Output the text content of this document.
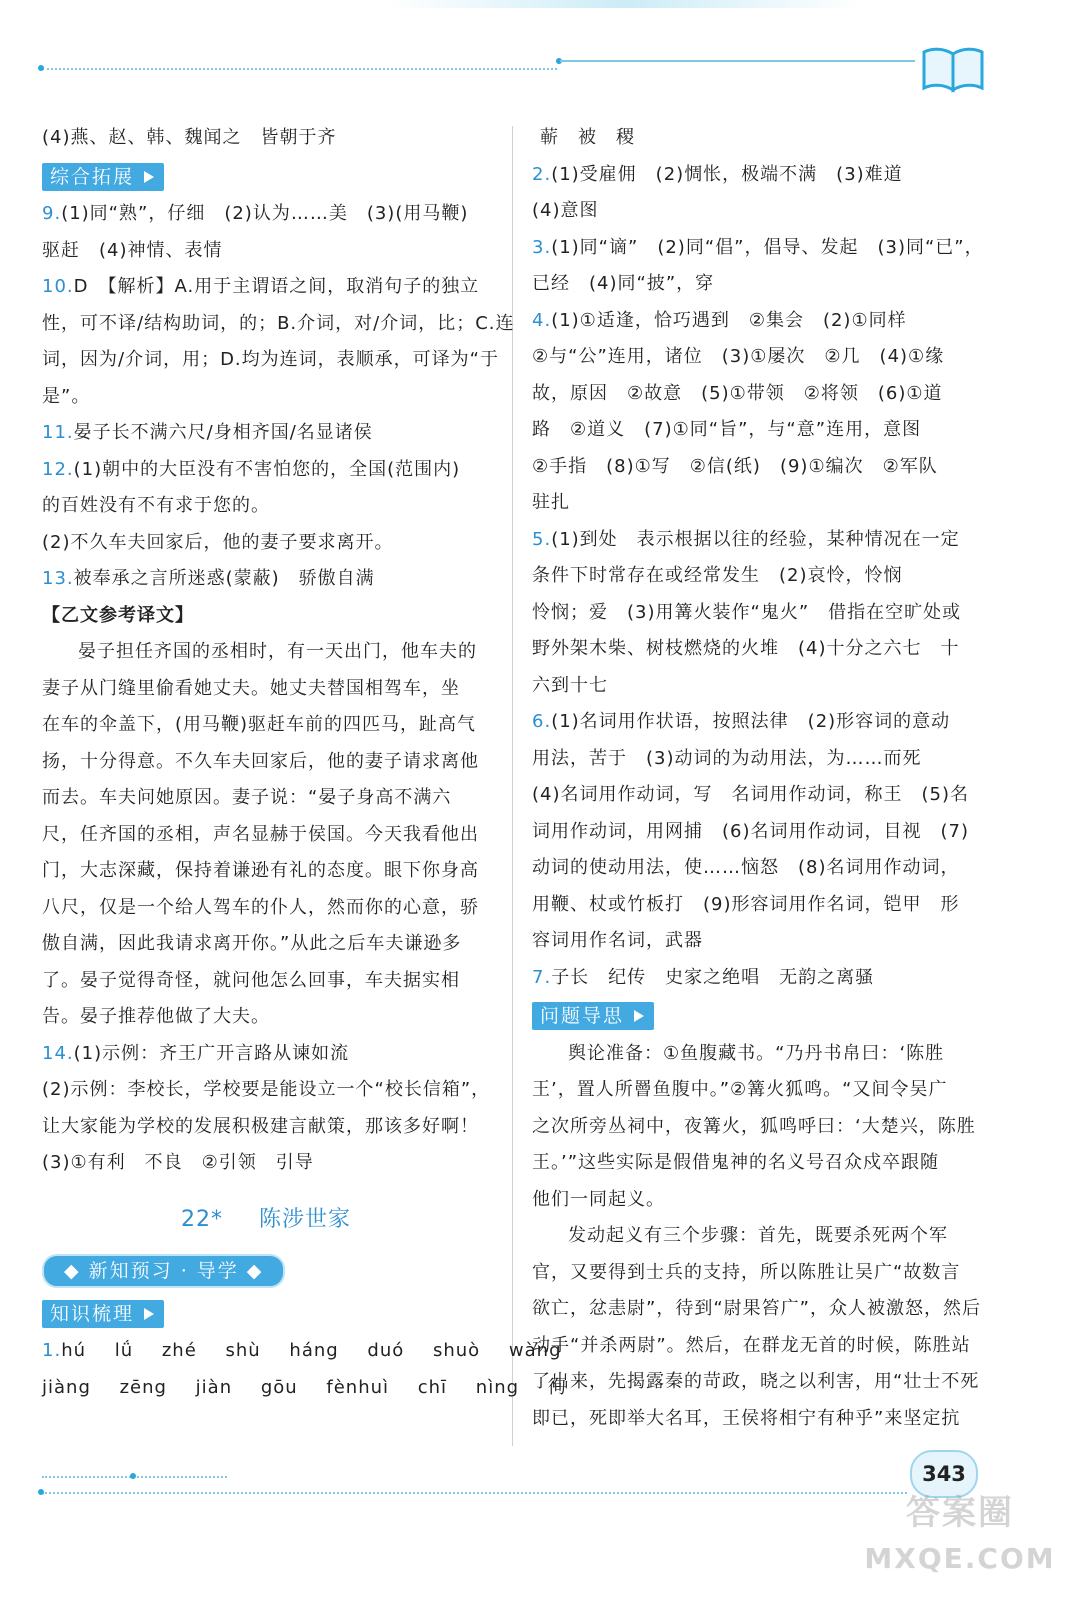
(4)燕、赵、韩、魏闻之　皆朝于齐
综合拓展
9.(1)同“熟”，仔细　(2)认为……美　(3)(用马鞭)
驱赶　(4)神情、表情
10.D　【解析】A.用于主谓语之间，取消句子的独立
性，可不译/结构助词，的；B.介词，对/介词，比；C.连
词，因为/介词，用；D.均为连词，表顺承，可译为“于
是”。
11.晏子长不满六尺/身相齐国/名显诸侯
12.(1)朝中的大臣没有不害怕您的，全国(范围内)
的百姓没有不有求于您的。
(2)不久车夫回家后，他的妻子要求离开。
13.被奉承之言所迷惑(蒙蔽)　骄傲自满
【乙文参考译文】
晏子担任齐国的丞相时，有一天出门，他车夫的
妻子从门缝里偷看她丈夫。她丈夫替国相驾车，坐
在车的伞盖下，(用马鞭)驱赶车前的四匹马，趾高气
扬，十分得意。不久车夫回家后，他的妻子请求离他
而去。车夫问她原因。妻子说：“晏子身高不满六
尺，任齐国的丞相，声名显赫于侯国。今天我看他出
门，大志深藏，保持着谦逊有礼的态度。眼下你身高
八尺，仅是一个给人驾车的仆人，然而你的心意，骄
傲自满，因此我请求离开你。”从此之后车夫谦逊多
了。晏子觉得奇怪，就问他怎么回事，车夫据实相
告。晏子推荐他做了大夫。
14.(1)示例：齐王广开言路从谏如流
(2)示例：李校长，学校要是能设立一个“校长信箱”，
让大家能为学校的发展积极建言献策，那该多好啊！
(3)①有利　不良　②引领　引导
22* 陈涉世家
◆ 新知预习 · 导学 ◆
知识梳理
1.hú lǘ zhé shù háng duó shuò wàng
jiàng zēng jiàn gōu fènhuì chī nìng 徇
蕲　被　稷
2.(1)受雇佣　(2)惆怅，极端不满　(3)难道
(4)意图
3.(1)同“谪”　(2)同“倡”，倡导、发起　(3)同“已”，
已经　(4)同“披”，穿
4.(1)①适逢，恰巧遇到　②集会　(2)①同样
②与“公”连用，诸位　(3)①屡次　②几　(4)①缘
故，原因　②故意　(5)①带领　②将领　(6)①道
路　②道义　(7)①同“旨”，与“意”连用，意图
②手指　(8)①写　②信(纸)　(9)①编次　②军队
驻扎
5.(1)到处　表示根据以往的经验，某种情况在一定
条件下时常存在或经常发生　(2)哀怜，怜悯
怜悯；爱　(3)用篝火装作“鬼火”　借指在空旷处或
野外架木柴、树枝燃烧的火堆　(4)十分之六七　十
六到十七
6.(1)名词用作状语，按照法律　(2)形容词的意动
用法，苦于　(3)动词的为动用法，为……而死
(4)名词用作动词，写　名词用作动词，称王　(5)名
词用作动词，用网捕　(6)名词用作动词，目视　(7)
动词的使动用法，使……恼怒　(8)名词用作动词，
用鞭、杖或竹板打　(9)形容词用作名词，铠甲　形
容词用作名词，武器
7.子长　纪传　史家之绝唱　无韵之离骚
问题导思
舆论准备：①鱼腹藏书。“乃丹书帛曰：‘陈胜
王’，置人所罾鱼腹中。”②篝火狐鸣。“又间令吴广
之次所旁丛祠中，夜篝火，狐鸣呼曰：‘大楚兴，陈胜
王。’”这些实际是假借鬼神的名义号召众戍卒跟随
他们一同起义。
发动起义有三个步骤：首先，既要杀死两个军
官，又要得到士兵的支持，所以陈胜让吴广“故数言
欲亡，忿恚尉”，待到“尉果笞广”，众人被激怒，然后
动手“并杀两尉”。然后，在群龙无首的时候，陈胜站
了出来，先揭露秦的苛政，晓之以利害，用“壮士不死
即已，死即举大名耳，王侯将相宁有种乎”来坚定抗
343
答案圈
MXQE.COM
